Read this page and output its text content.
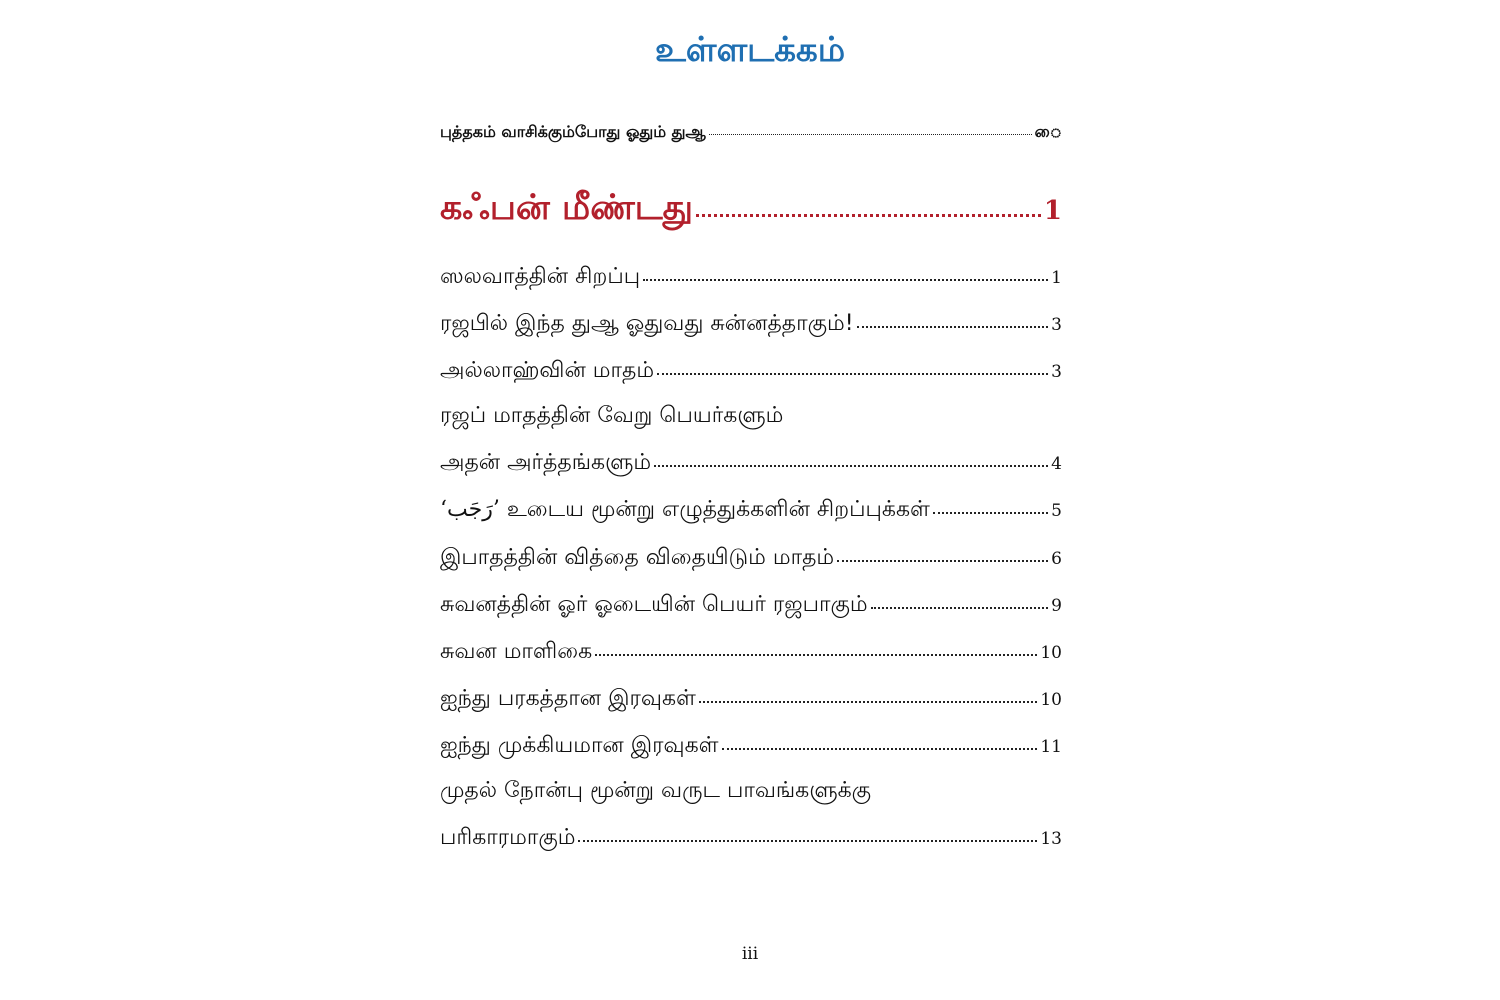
உள்ளடக்கம்
புத்தகம் வாசிக்கும்போது ஓதும் துஆ	ை
கஃபன் மீண்டது	1
ஸலவாத்தின் சிறப்பு	1
ரஜபில் இந்த துஆ ஓதுவது சுன்னத்தாகும்!	3
அல்லாஹ்வின் மாதம்	3
ரஜப் மாதத்தின் வேறு பெயர்களும்
அதன் அர்த்தங்களும்	4
‘رَجَب’ உடைய மூன்று எழுத்துக்களின் சிறப்புக்கள்	5
இபாதத்தின் வித்தை விதையிடும் மாதம்	6
சுவனத்தின் ஓர் ஓடையின் பெயர் ரஜபாகும்	9
சுவன மாளிகை	10
ஐந்து பரகத்தான இரவுகள்	10
ஐந்து முக்கியமான இரவுகள்	11
முதல் நோன்பு மூன்று வருட பாவங்களுக்கு
பரிகாரமாகும்	13
iii
